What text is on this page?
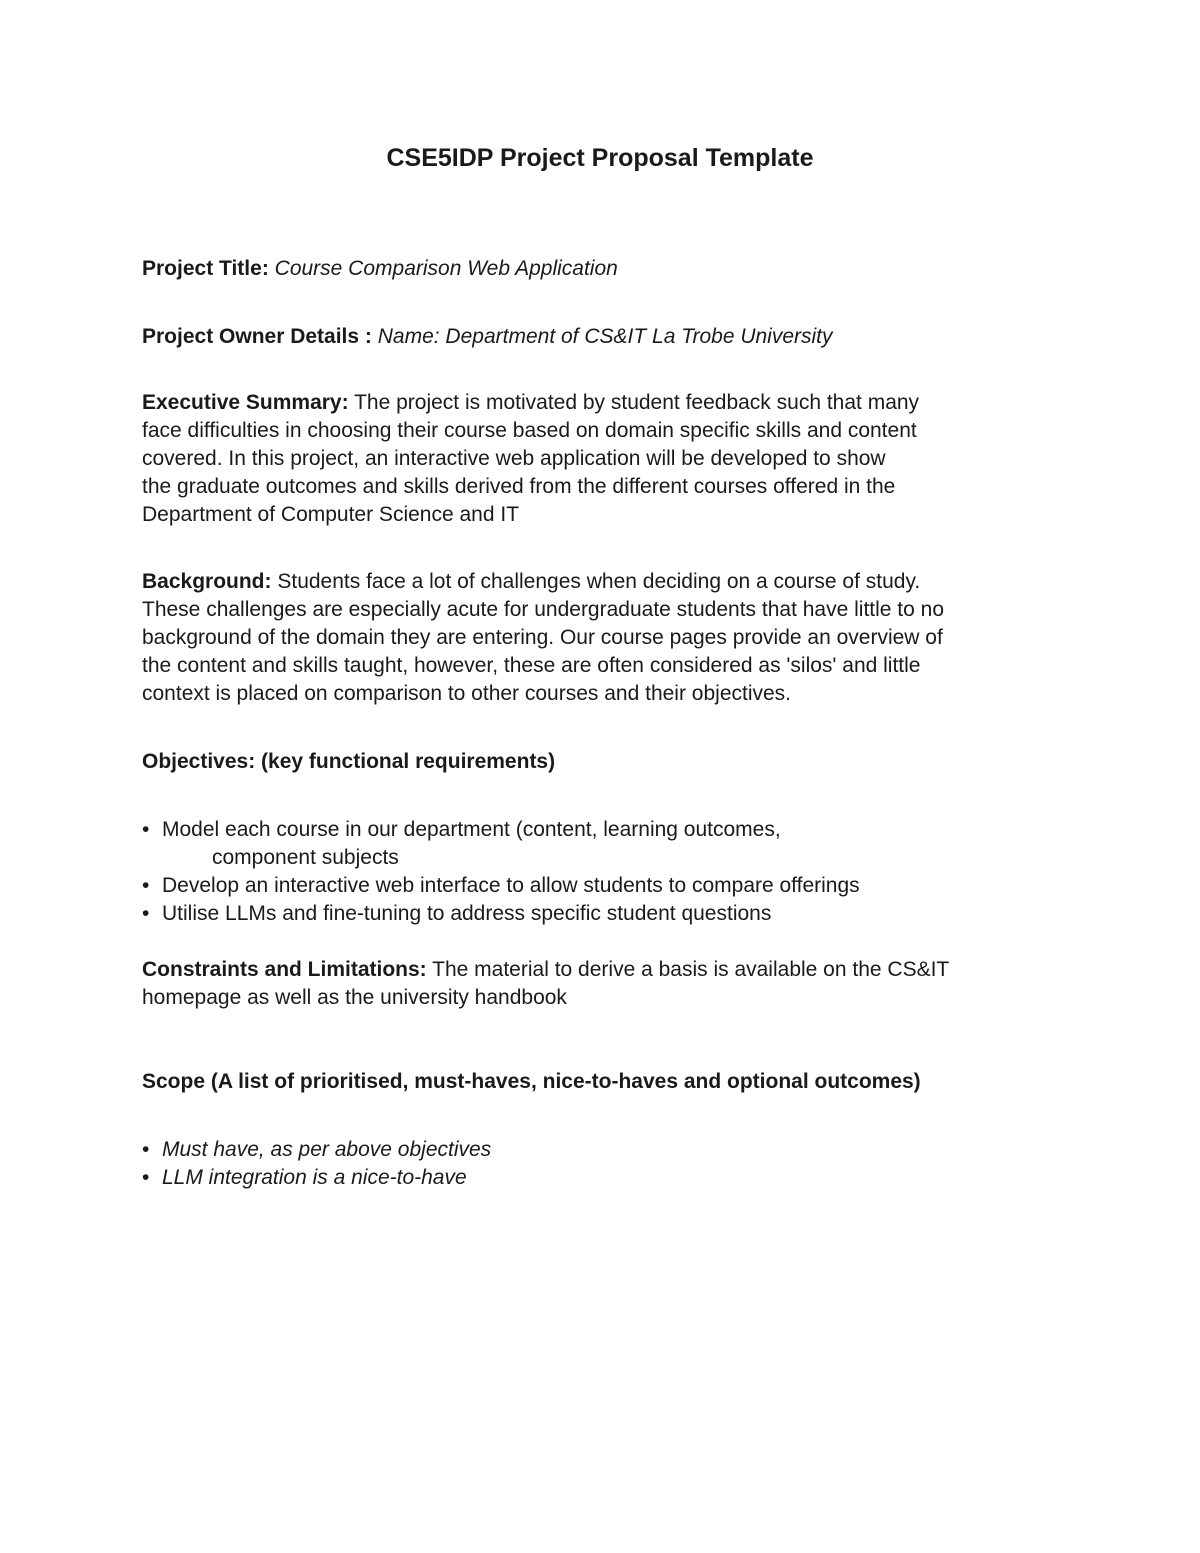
CSE5IDP Project Proposal Template
Project Title: Course Comparison Web Application
Project Owner Details : Name: Department of CS&IT La Trobe University
Executive Summary: The project is motivated by student feedback such that many
face difficulties in choosing their course based on domain specific skills and content
covered. In this project, an interactive web application will be developed to show
the graduate outcomes and skills derived from the different courses offered in the
Department of Computer Science and IT
Background: Students face a lot of challenges when deciding on a course of study.
These challenges are especially acute for undergraduate students that have little to no
background of the domain they are entering. Our course pages provide an overview of
the content and skills taught, however, these are often considered as 'silos' and little
context is placed on comparison to other courses and their objectives.
Objectives: (key functional requirements)
• Model each course in our department (content, learning outcomes,
component subjects
• Develop an interactive web interface to allow students to compare offerings
• Utilise LLMs and fine-tuning to address specific student questions
Constraints and Limitations: The material to derive a basis is available on the CS&IT
homepage as well as the university handbook
Scope (A list of prioritised, must-haves, nice-to-haves and optional outcomes)
• Must have, as per above objectives
• LLM integration is a nice-to-have
